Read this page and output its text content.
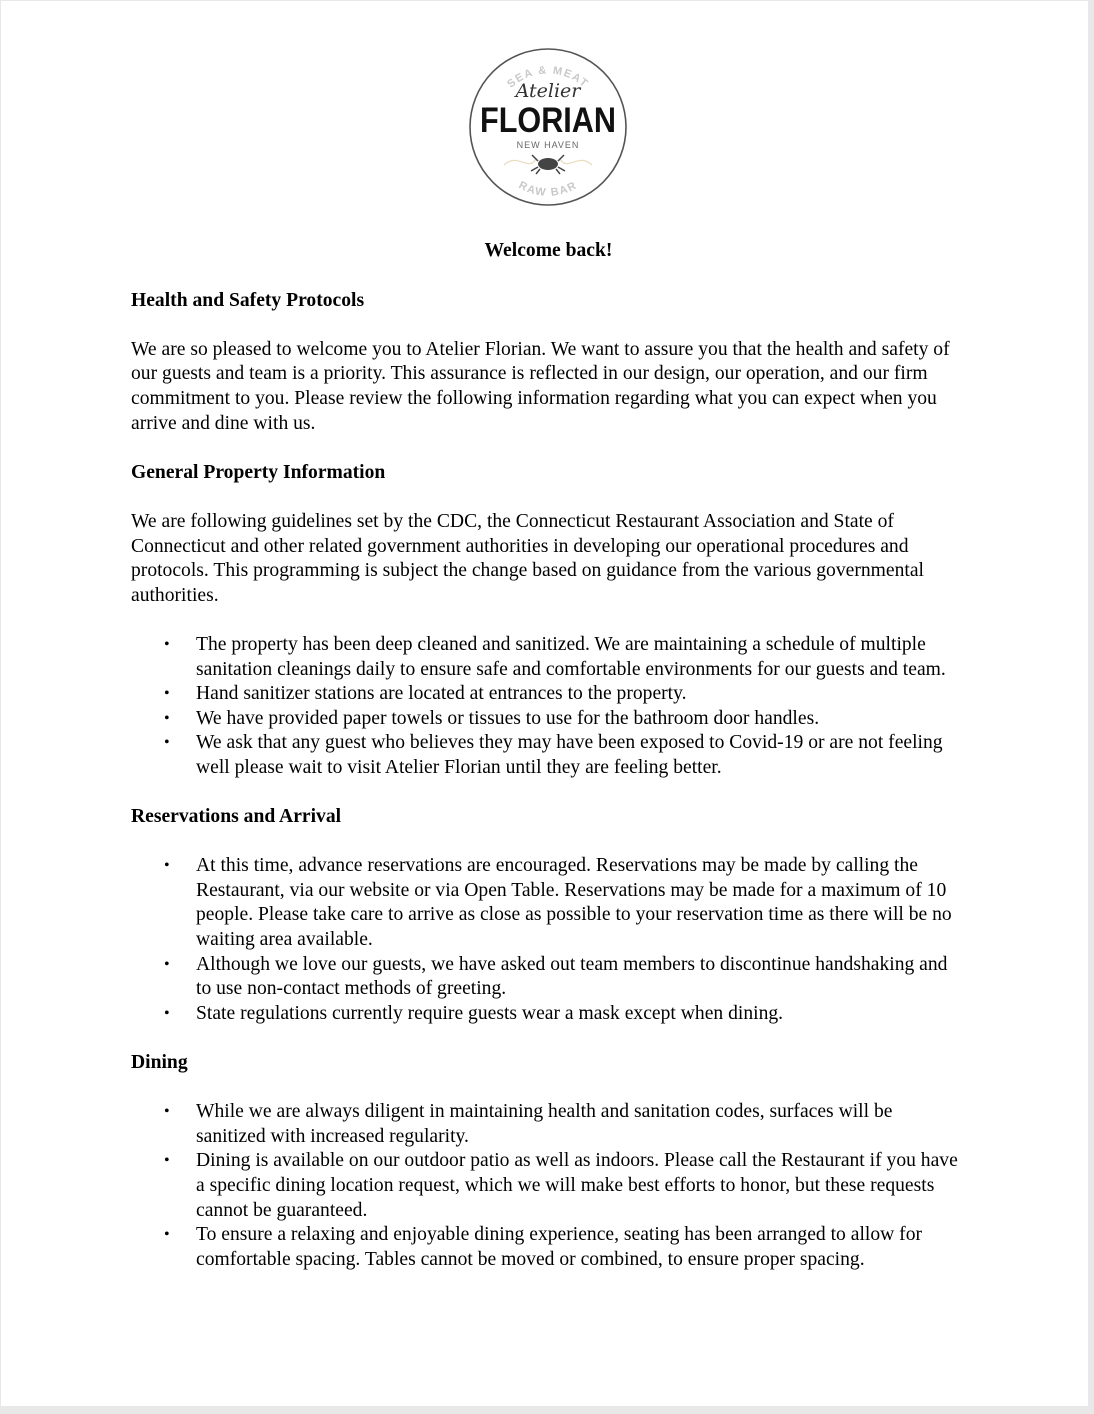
SEA & MEAT
Atelier
FLORIAN
NEW HAVEN
RAW BAR
Welcome back!
Health and Safety Protocols
We are so pleased to welcome you to Atelier Florian. We want to assure you that the health and safety of our guests and team is a priority. This assurance is reflected in our design, our operation, and our firm commitment to you. Please review the following information regarding what you can expect when you arrive and dine with us.
General Property Information
We are following guidelines set by the CDC, the Connecticut Restaurant Association and State of Connecticut and other related government authorities in developing our operational procedures and protocols. This programming is subject the change based on guidance from the various governmental authorities.
• The property has been deep cleaned and sanitized. We are maintaining a schedule of multiple sanitation cleanings daily to ensure safe and comfortable environments for our guests and team.
• Hand sanitizer stations are located at entrances to the property.
• We have provided paper towels or tissues to use for the bathroom door handles.
• We ask that any guest who believes they may have been exposed to Covid-19 or are not feeling well please wait to visit Atelier Florian until they are feeling better.
Reservations and Arrival
• At this time, advance reservations are encouraged. Reservations may be made by calling the Restaurant, via our website or via Open Table. Reservations may be made for a maximum of 10 people. Please take care to arrive as close as possible to your reservation time as there will be no waiting area available.
• Although we love our guests, we have asked out team members to discontinue handshaking and to use non-contact methods of greeting.
• State regulations currently require guests wear a mask except when dining.
Dining
• While we are always diligent in maintaining health and sanitation codes, surfaces will be sanitized with increased regularity.
• Dining is available on our outdoor patio as well as indoors. Please call the Restaurant if you have a specific dining location request, which we will make best efforts to honor, but these requests cannot be guaranteed.
• To ensure a relaxing and enjoyable dining experience, seating has been arranged to allow for comfortable spacing. Tables cannot be moved or combined, to ensure proper spacing.
